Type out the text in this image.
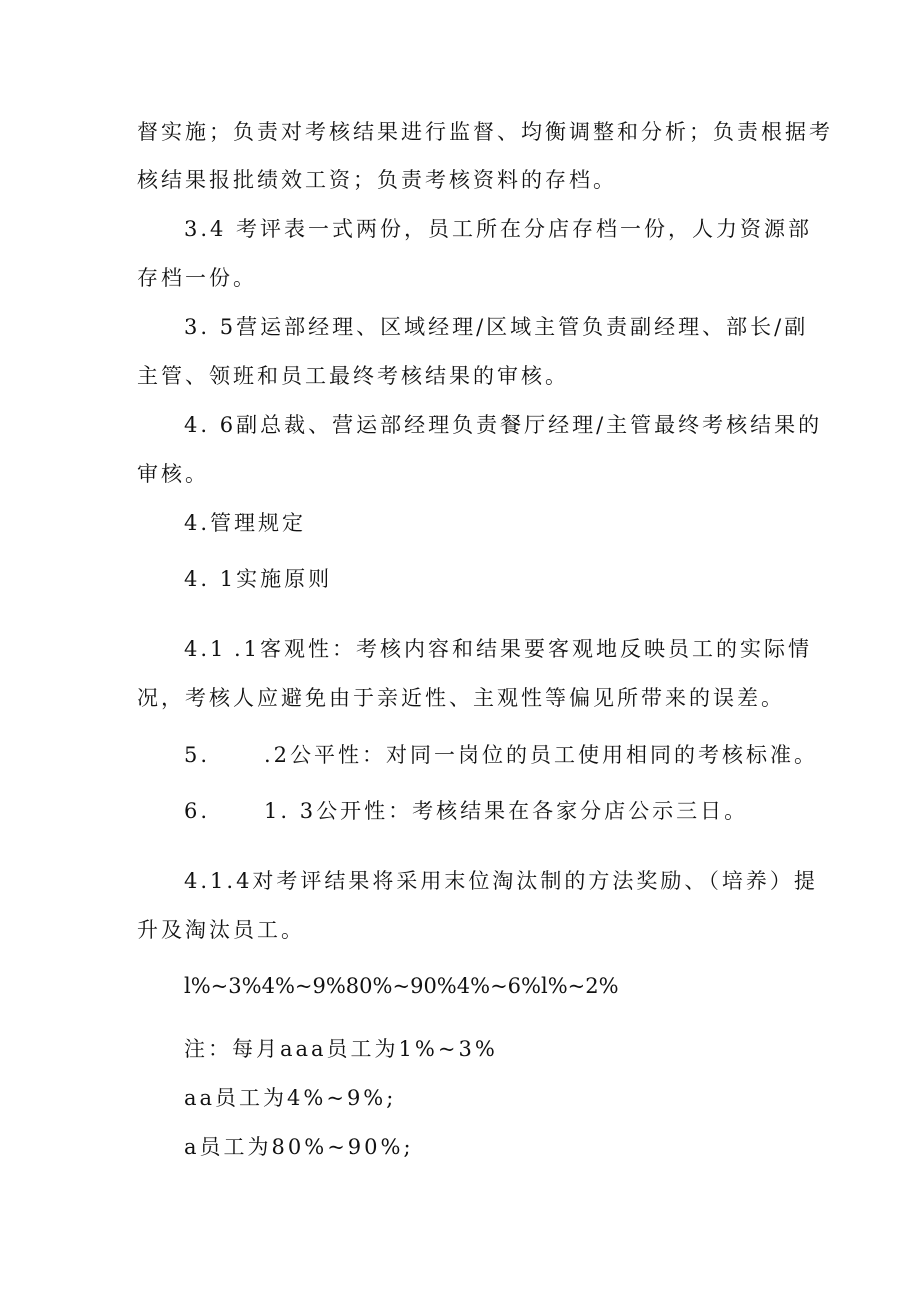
督实施；负责对考核结果进行监督、均衡调整和分析；负责根据考
核结果报批绩效工资；负责考核资料的存档。
3.4 考评表一式两份，员工所在分店存档一份，人力资源部
存档一份。
3. 5营运部经理、区域经理/区域主管负责副经理、部长/副
主管、领班和员工最终考核结果的审核。
4. 6副总裁、营运部经理负责餐厅经理/主管最终考核结果的
审核。
4.管理规定
4. 1实施原则
4.1 .1客观性：考核内容和结果要客观地反映员工的实际情
况，考核人应避免由于亲近性、主观性等偏见所带来的误差。
5.	.2公平性：对同一岗位的员工使用相同的考核标准。
6.	1. 3公开性：考核结果在各家分店公示三日。
4.1.4对考评结果将采用末位淘汰制的方法奖励、（培养）提
升及淘汰员工。
l%~3%4%~9%80%~90%4%~6%l%~2%
注：每月aaa员工为1%~3%
aa员工为4%~9%;
a员工为80%~90%;
